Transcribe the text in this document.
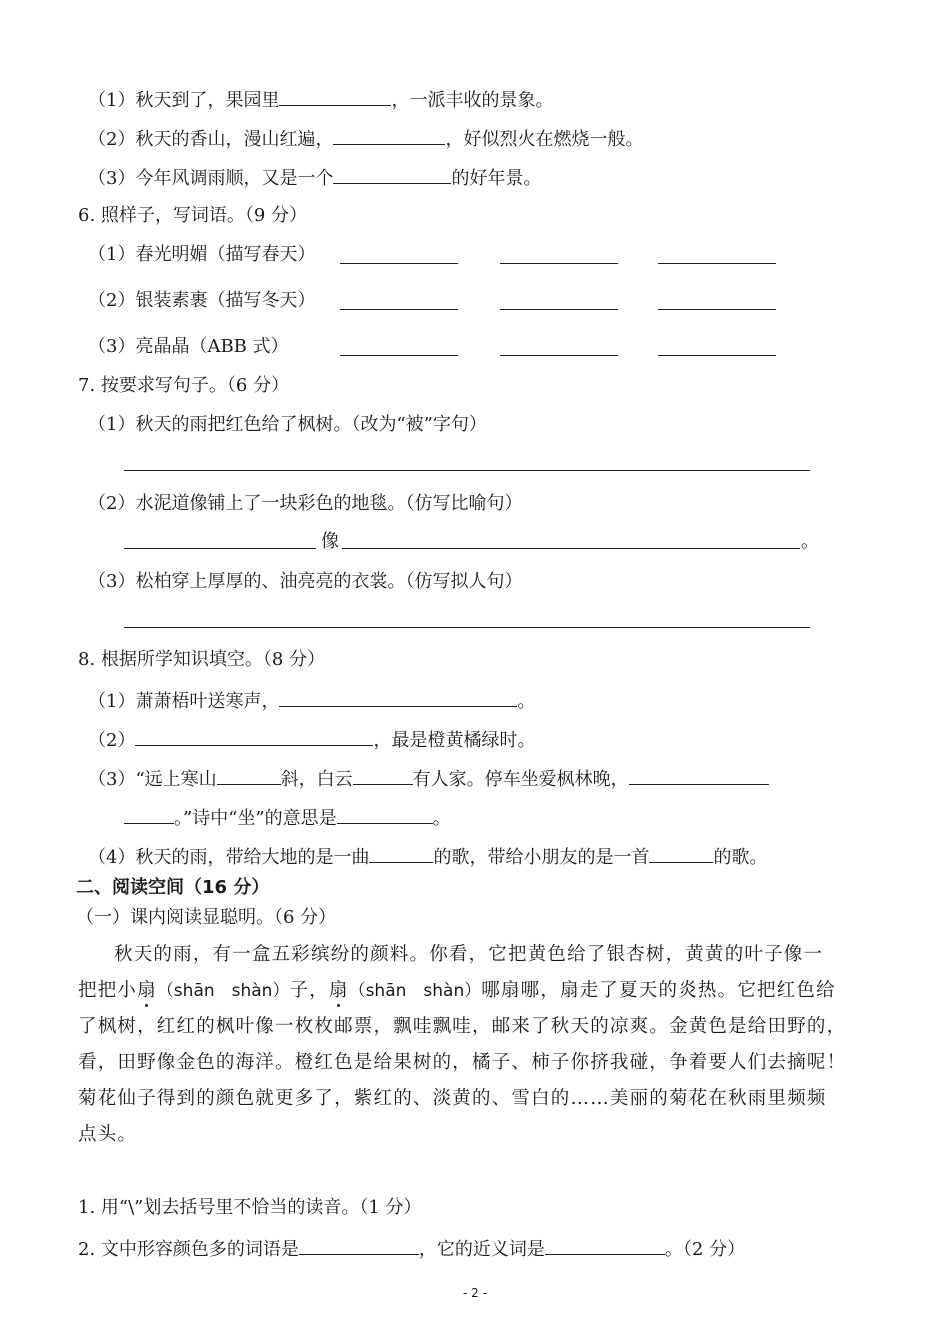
（1）秋天到了，果园里	，一派丰收的景象。
（2）秋天的香山，漫山红遍，	，好似烈火在燃烧一般。
（3）今年风调雨顺，又是一个	的好年景。
6. 照样子，写词语。（9 分）
（1）春光明媚（描写春天）
（2）银装素裹（描写冬天）
（3）亮晶晶（ABB 式）
7. 按要求写句子。（6 分）
（1）秋天的雨把红色给了枫树。（改为“被”字句）
（2）水泥道像铺上了一块彩色的地毯。（仿写比喻句）
像	。
（3）松柏穿上厚厚的、油亮亮的衣裳。（仿写拟人句）
8. 根据所学知识填空。（8 分）
（1）萧萧梧叶送寒声，	。
（2）	，最是橙黄橘绿时。
（3）“远上寒山	斜，白云	有人家。停车坐爱枫林晚，
。”诗中“坐”的意思是	。
（4）秋天的雨，带给大地的是一曲	的歌，带给小朋友的是一首	的歌。
二、阅读空间（16 分）
（一）课内阅读显聪明。（6 分）
秋天的雨，有一盒五彩缤纷的颜料。你看，它把黄色给了银杏树，黄黄的叶子像一
把把小扇（shān　shàn）子，扇（shān　shàn）哪扇哪，扇走了夏天的炎热。它把红色给
了枫树，红红的枫叶像一枚枚邮票，飘哇飘哇，邮来了秋天的凉爽。金黄色是给田野的，
看，田野像金色的海洋。橙红色是给果树的，橘子、柿子你挤我碰，争着要人们去摘呢！
菊花仙子得到的颜色就更多了，紫红的、淡黄的、雪白的……美丽的菊花在秋雨里频频
点头。
1. 用“\”划去括号里不恰当的读音。（1 分）
2. 文中形容颜色多的词语是	，它的近义词是	。（2 分）
- 2 -
